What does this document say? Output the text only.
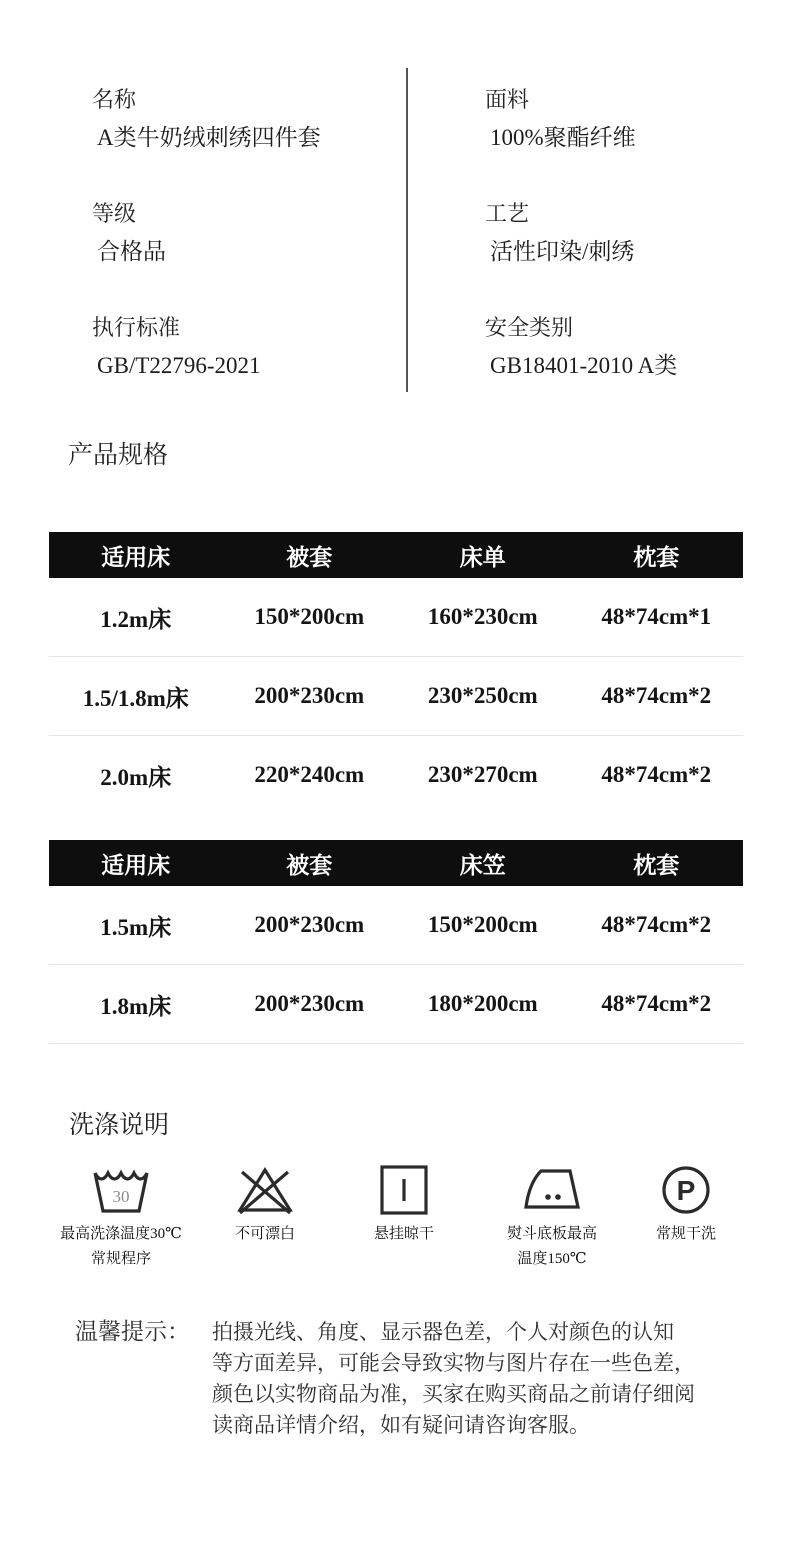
名称
A类牛奶绒刺绣四件套
等级
合格品
执行标准
GB/T22796-2021
面料
100%聚酯纤维
工艺
活性印染/刺绣
安全类别
GB18401-2010 A类
产品规格
适用床	被套	床单	枕套
1.2m床	150*200cm	160*230cm	48*74cm*1
1.5/1.8m床	200*230cm	230*250cm	48*74cm*2
2.0m床	220*240cm	230*270cm	48*74cm*2
适用床	被套	床笠	枕套
1.5m床	200*230cm	150*200cm	48*74cm*2
1.8m床	200*230cm	180*200cm	48*74cm*2
洗涤说明
30
最高洗涤温度30℃
常规程序
不可漂白	悬挂晾干	熨斗底板最高
温度150℃
P
常规干洗
温馨提示： 拍摄光线、角度、显示器色差，个人对颜色的认知
等方面差异，可能会导致实物与图片存在一些色差，
颜色以实物商品为准，买家在购买商品之前请仔细阅
读商品详情介绍，如有疑问请咨询客服。
